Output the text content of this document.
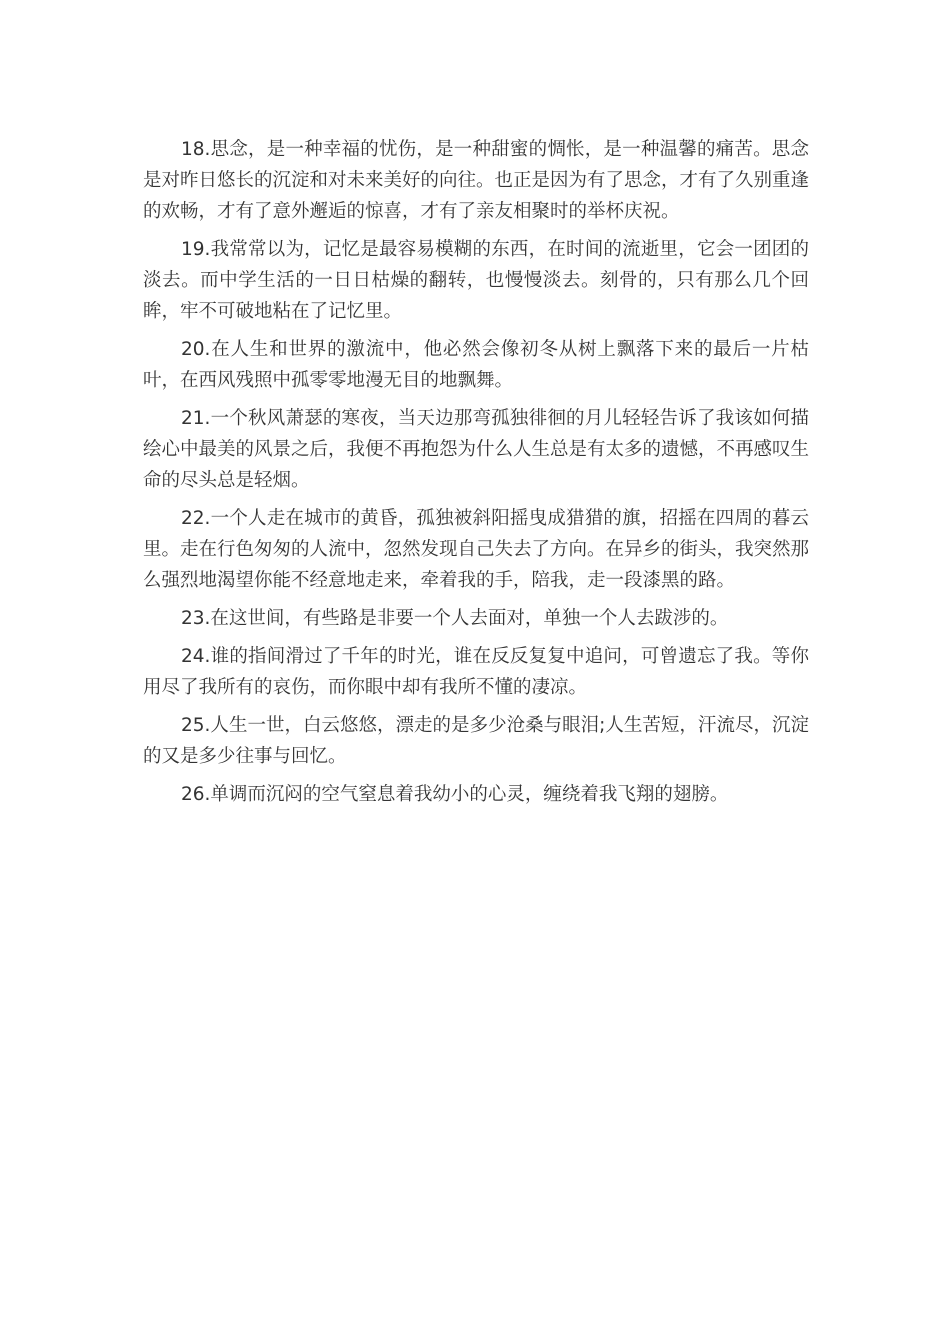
18.思念，是一种幸福的忧伤，是一种甜蜜的惆怅，是一种温馨的痛苦。思念是对昨日悠长的沉淀和对未来美好的向往。也正是因为有了思念，才有了久别重逢的欢畅，才有了意外邂逅的惊喜，才有了亲友相聚时的举杯庆祝。

19.我常常以为，记忆是最容易模糊的东西，在时间的流逝里，它会一团团的淡去。而中学生活的一日日枯燥的翻转，也慢慢淡去。刻骨的，只有那么几个回眸，牢不可破地粘在了记忆里。

20.在人生和世界的激流中，他必然会像初冬从树上飘落下来的最后一片枯叶，在西风残照中孤零零地漫无目的地飘舞。

21.一个秋风萧瑟的寒夜，当天边那弯孤独徘徊的月儿轻轻告诉了我该如何描绘心中最美的风景之后，我便不再抱怨为什么人生总是有太多的遗憾，不再感叹生命的尽头总是轻烟。

22.一个人走在城市的黄昏，孤独被斜阳摇曳成猎猎的旗，招摇在四周的暮云里。走在行色匆匆的人流中，忽然发现自己失去了方向。在异乡的街头，我突然那么强烈地渴望你能不经意地走来，牵着我的手，陪我，走一段漆黑的路。

23.在这世间，有些路是非要一个人去面对，单独一个人去跋涉的。

24.谁的指间滑过了千年的时光，谁在反反复复中追问，可曾遗忘了我。等你用尽了我所有的哀伤，而你眼中却有我所不懂的凄凉。

25.人生一世，白云悠悠，漂走的是多少沧桑与眼泪;人生苦短，汗流尽，沉淀的又是多少往事与回忆。

26.单调而沉闷的空气窒息着我幼小的心灵，缠绕着我飞翔的翅膀。
